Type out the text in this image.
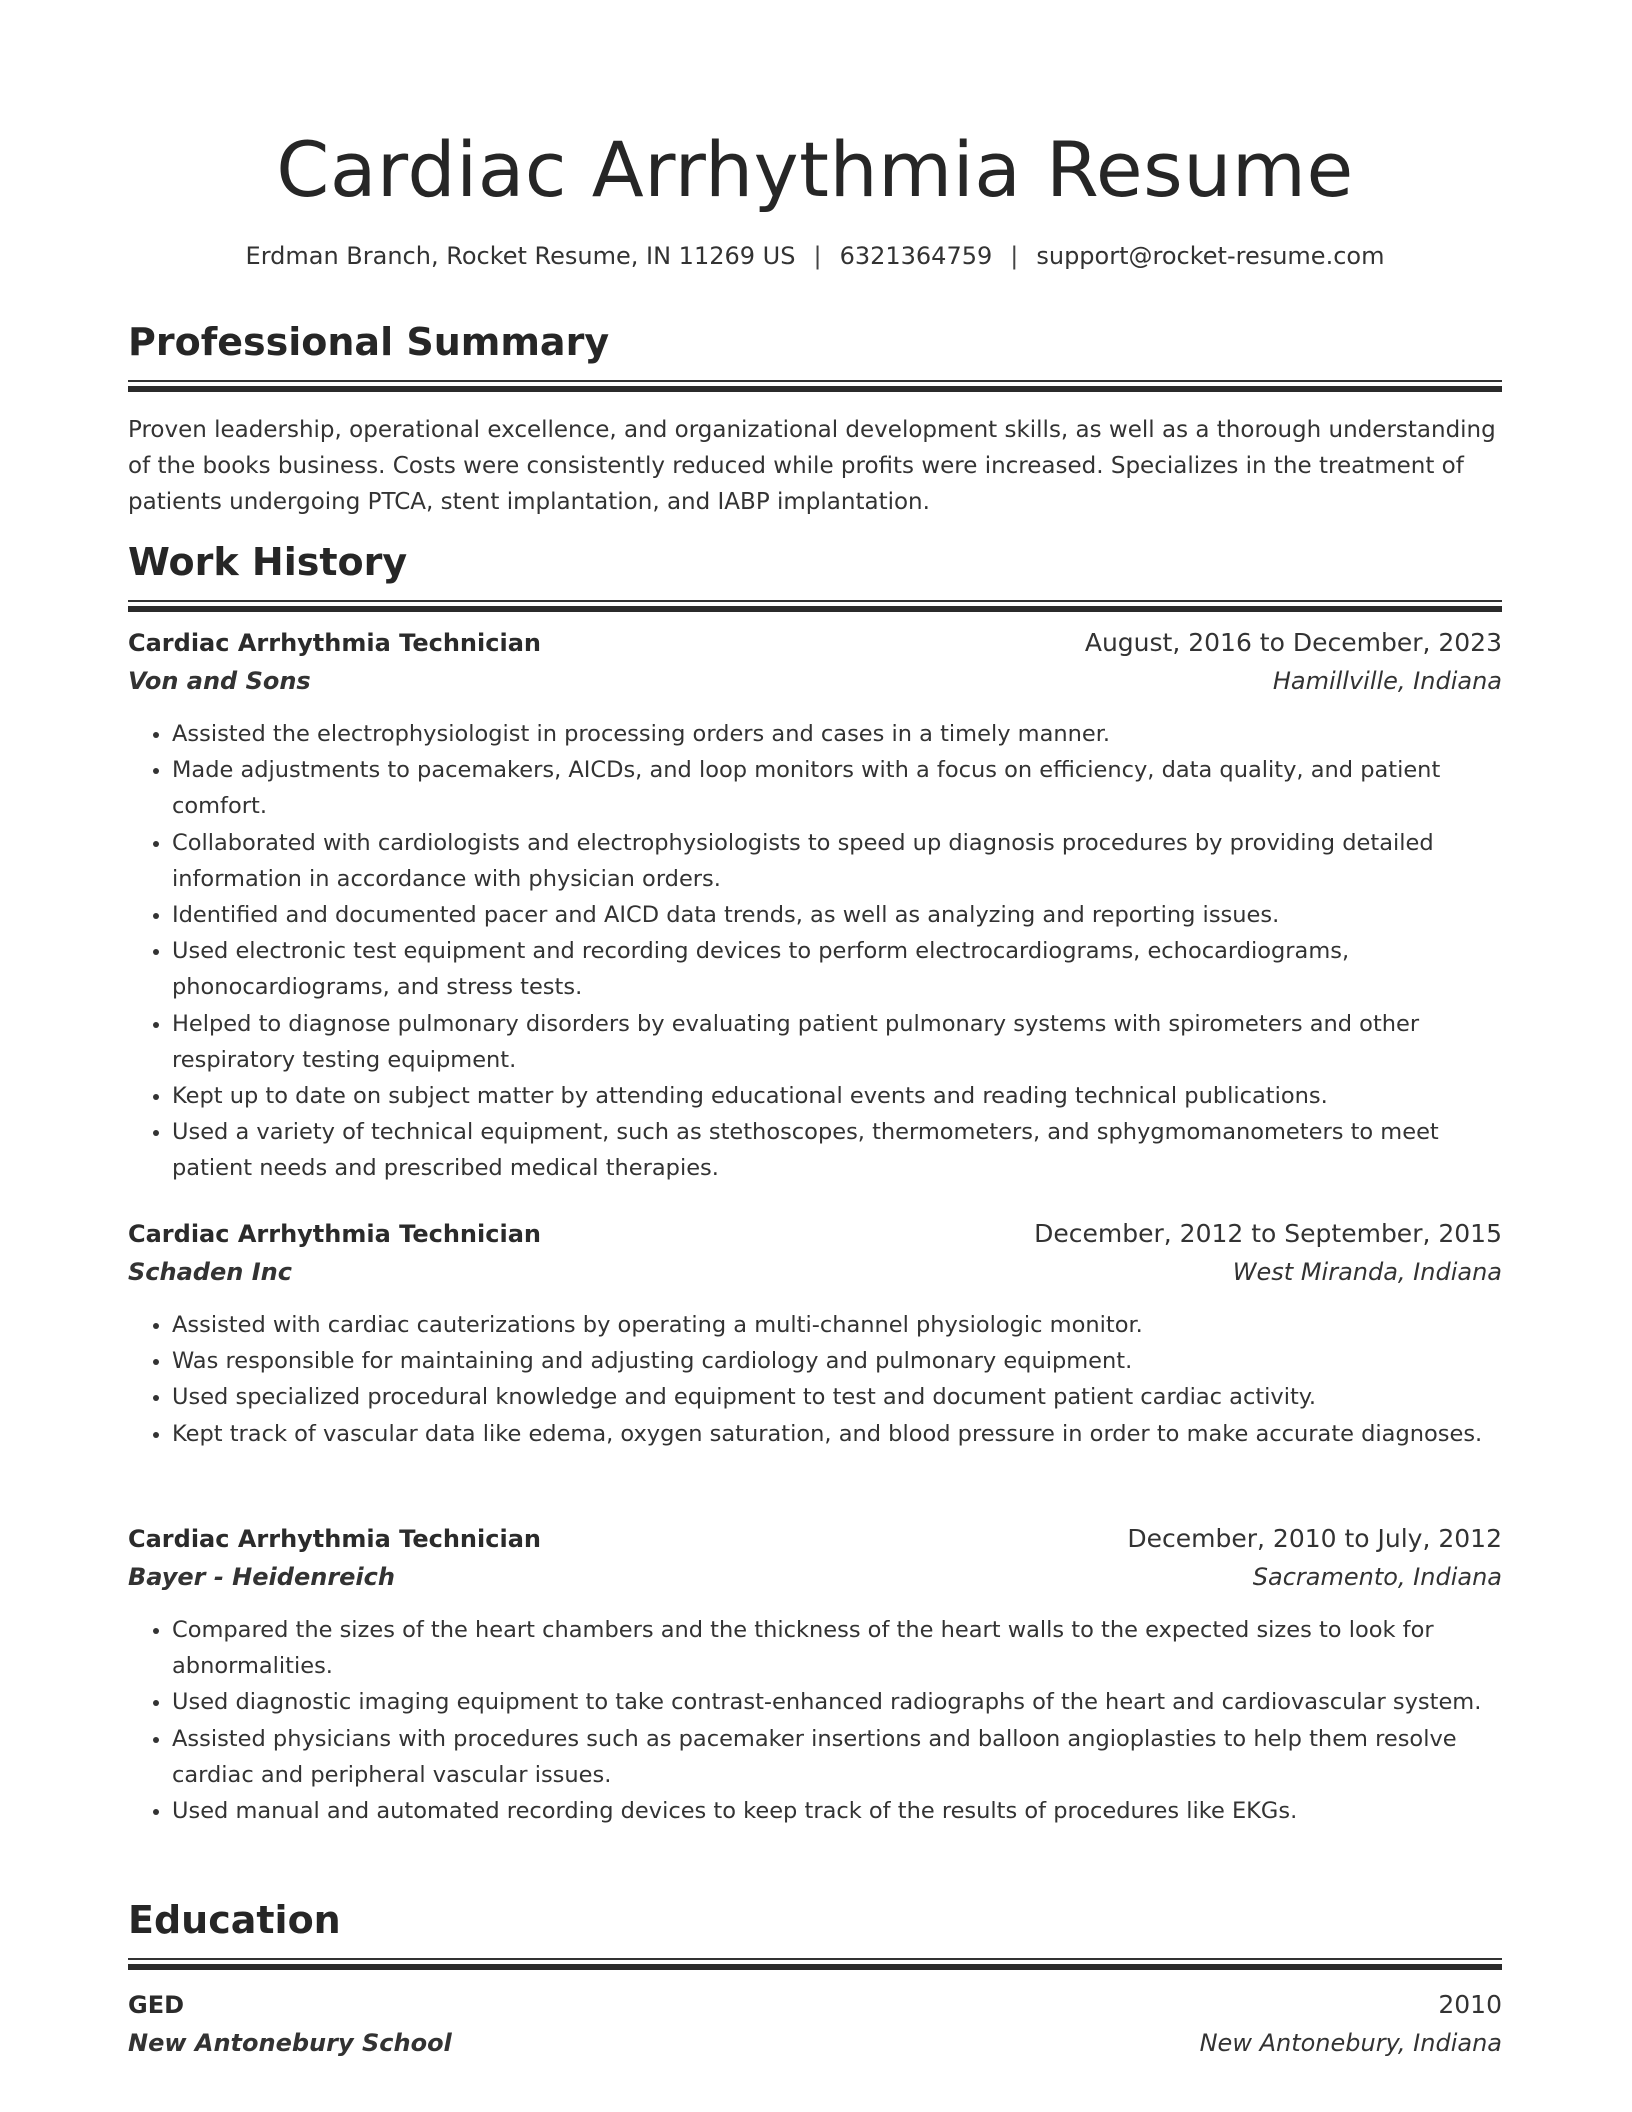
Cardiac Arrhythmia Resume
Erdman Branch, Rocket Resume, IN 11269 US | 6321364759 | support@rocket-resume.com
Professional Summary
Proven leadership, operational excellence, and organizational development skills, as well as a thorough understanding of the books business. Costs were consistently reduced while profits were increased. Specializes in the treatment of patients undergoing PTCA, stent implantation, and IABP implantation.
Work History
Cardiac Arrhythmia Technician	August, 2016 to December, 2023
Von and Sons	Hamillville, Indiana
• Assisted the electrophysiologist in processing orders and cases in a timely manner.
• Made adjustments to pacemakers, AICDs, and loop monitors with a focus on efficiency, data quality, and patient comfort.
• Collaborated with cardiologists and electrophysiologists to speed up diagnosis procedures by providing detailed information in accordance with physician orders.
• Identified and documented pacer and AICD data trends, as well as analyzing and reporting issues.
• Used electronic test equipment and recording devices to perform electrocardiograms, echocardiograms, phonocardiograms, and stress tests.
• Helped to diagnose pulmonary disorders by evaluating patient pulmonary systems with spirometers and other respiratory testing equipment.
• Kept up to date on subject matter by attending educational events and reading technical publications.
• Used a variety of technical equipment, such as stethoscopes, thermometers, and sphygmomanometers to meet patient needs and prescribed medical therapies.
Cardiac Arrhythmia Technician	December, 2012 to September, 2015
Schaden Inc	West Miranda, Indiana
• Assisted with cardiac cauterizations by operating a multi-channel physiologic monitor.
• Was responsible for maintaining and adjusting cardiology and pulmonary equipment.
• Used specialized procedural knowledge and equipment to test and document patient cardiac activity.
• Kept track of vascular data like edema, oxygen saturation, and blood pressure in order to make accurate diagnoses.
Cardiac Arrhythmia Technician	December, 2010 to July, 2012
Bayer - Heidenreich	Sacramento, Indiana
• Compared the sizes of the heart chambers and the thickness of the heart walls to the expected sizes to look for abnormalities.
• Used diagnostic imaging equipment to take contrast-enhanced radiographs of the heart and cardiovascular system.
• Assisted physicians with procedures such as pacemaker insertions and balloon angioplasties to help them resolve cardiac and peripheral vascular issues.
• Used manual and automated recording devices to keep track of the results of procedures like EKGs.
Education
GED	2010
New Antonebury School	New Antonebury, Indiana
